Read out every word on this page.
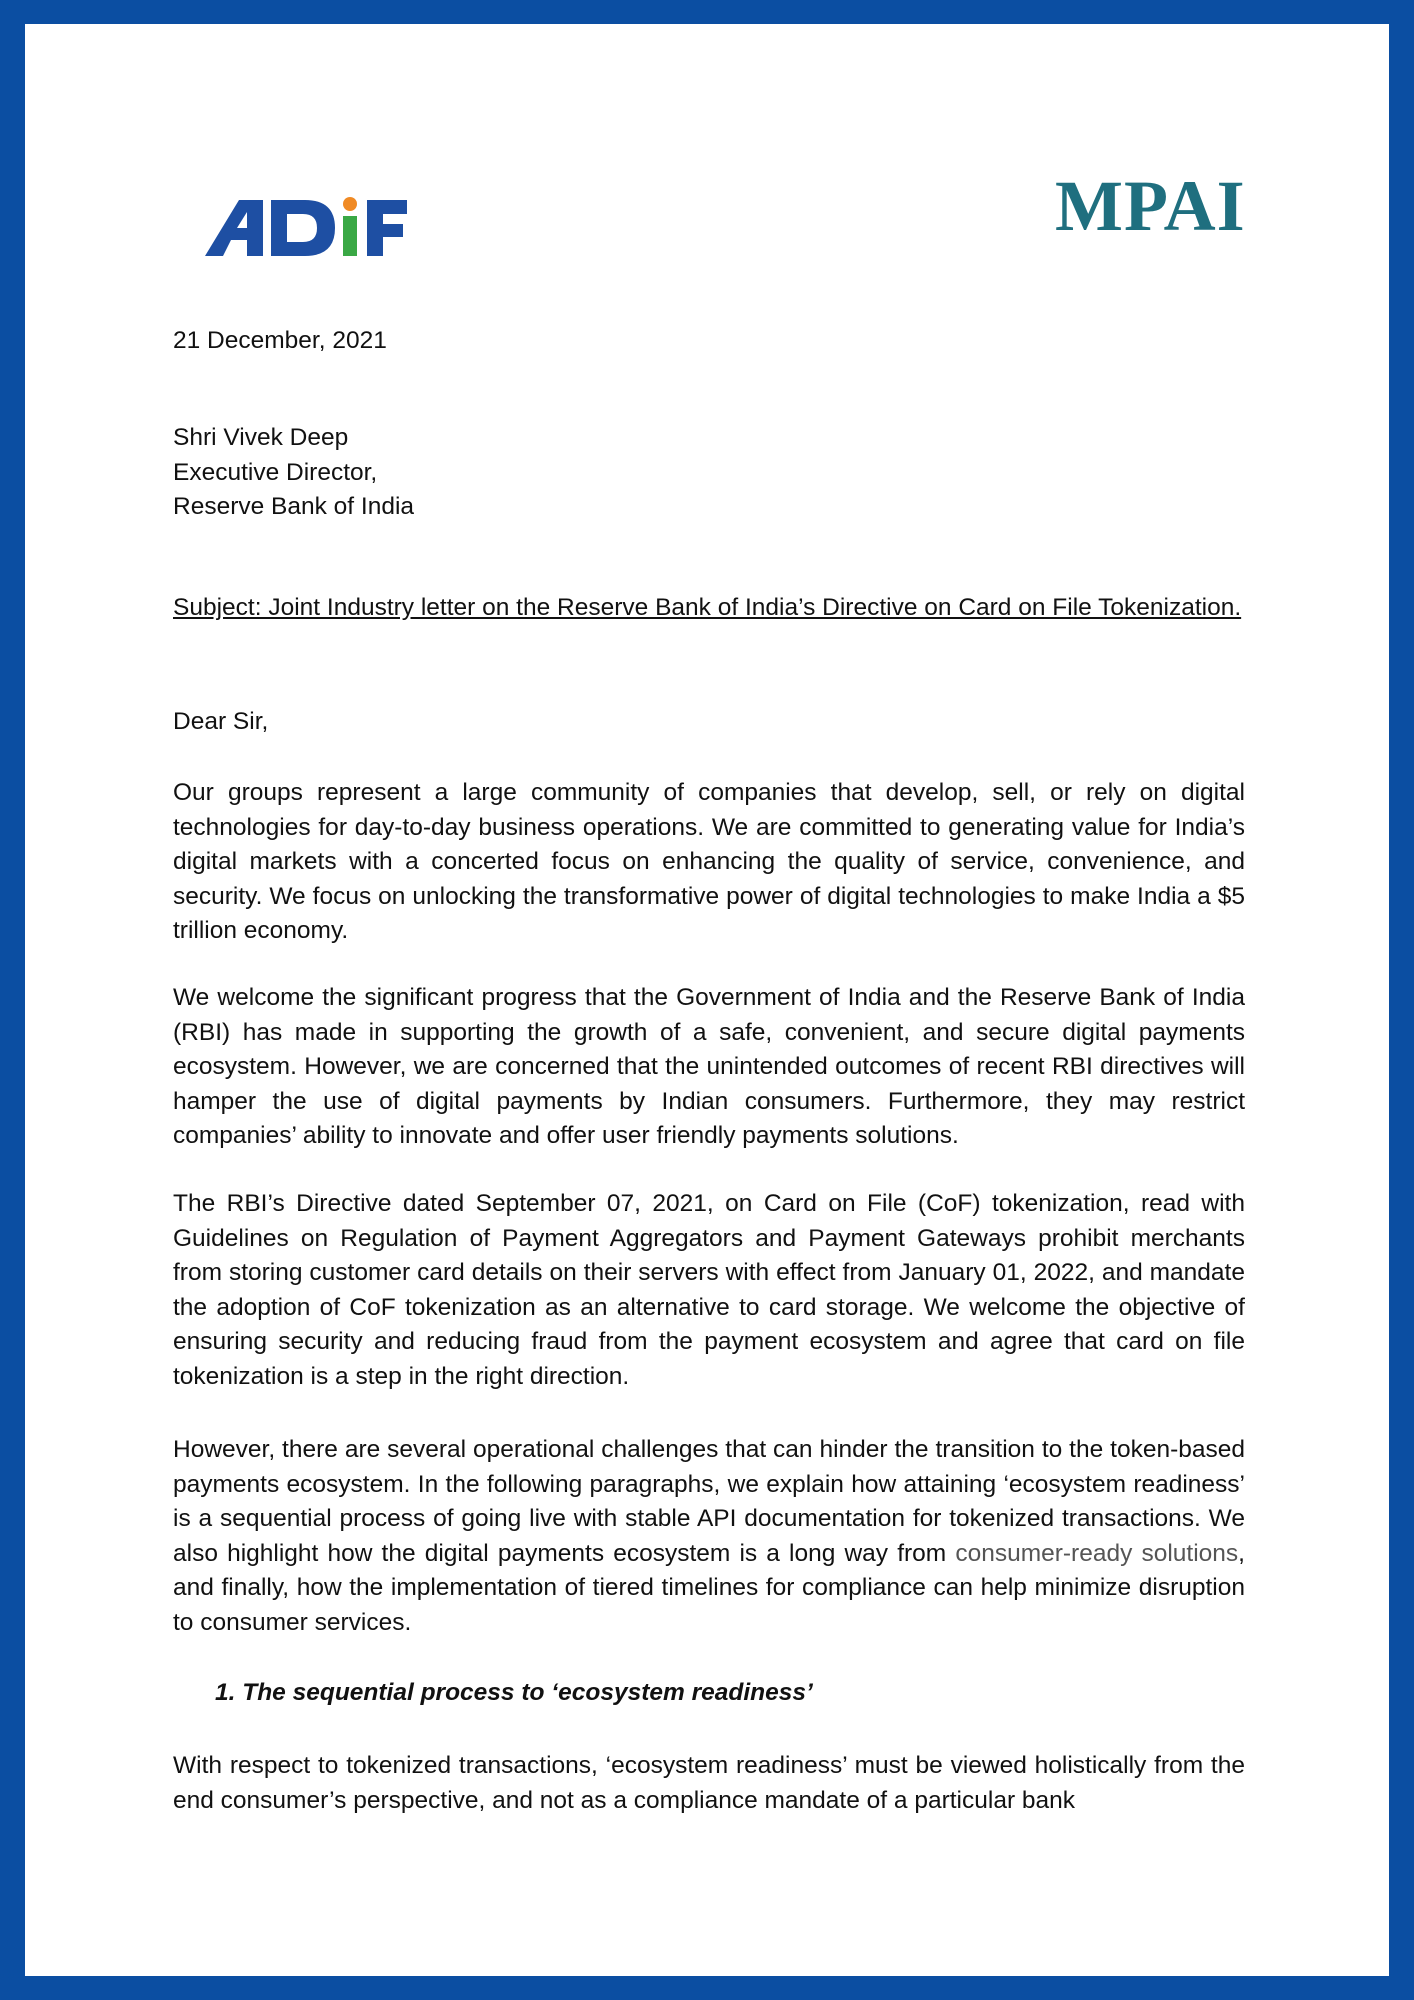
MPAI
21 December, 2021
Shri Vivek Deep
Executive Director,
Reserve Bank of India
Subject: Joint Industry letter on the Reserve Bank of India’s Directive on Card on File Tokenization.
Dear Sir,
Our groups represent a large community of companies that develop, sell, or rely on digital technologies for day-to-day business operations. We are committed to generating value for India’s digital markets with a concerted focus on enhancing the quality of service, convenience, and security. We focus on unlocking the transformative power of digital technologies to make India a $5 trillion economy.
We welcome the significant progress that the Government of India and the Reserve Bank of India (RBI) has made in supporting the growth of a safe, convenient, and secure digital payments ecosystem. However, we are concerned that the unintended outcomes of recent RBI directives will hamper the use of digital payments by Indian consumers. Furthermore, they may restrict companies’ ability to innovate and offer user friendly payments solutions.
The RBI’s Directive dated September 07, 2021, on Card on File (CoF) tokenization, read with Guidelines on Regulation of Payment Aggregators and Payment Gateways prohibit merchants from storing customer card details on their servers with effect from January 01, 2022, and mandate the adoption of CoF tokenization as an alternative to card storage. We welcome the objective of ensuring security and reducing fraud from the payment ecosystem and agree that card on file tokenization is a step in the right direction.
However, there are several operational challenges that can hinder the transition to the token-based payments ecosystem. In the following paragraphs, we explain how attaining ‘ecosystem readiness’ is a sequential process of going live with stable API documentation for tokenized transactions. We also highlight how the digital payments ecosystem is a long way from consumer-ready solutions, and finally, how the implementation of tiered timelines for compliance can help minimize disruption to consumer services.
1. The sequential process to ‘ecosystem readiness’
With respect to tokenized transactions, ‘ecosystem readiness’ must be viewed holistically from the end consumer’s perspective, and not as a compliance mandate of a particular bank
